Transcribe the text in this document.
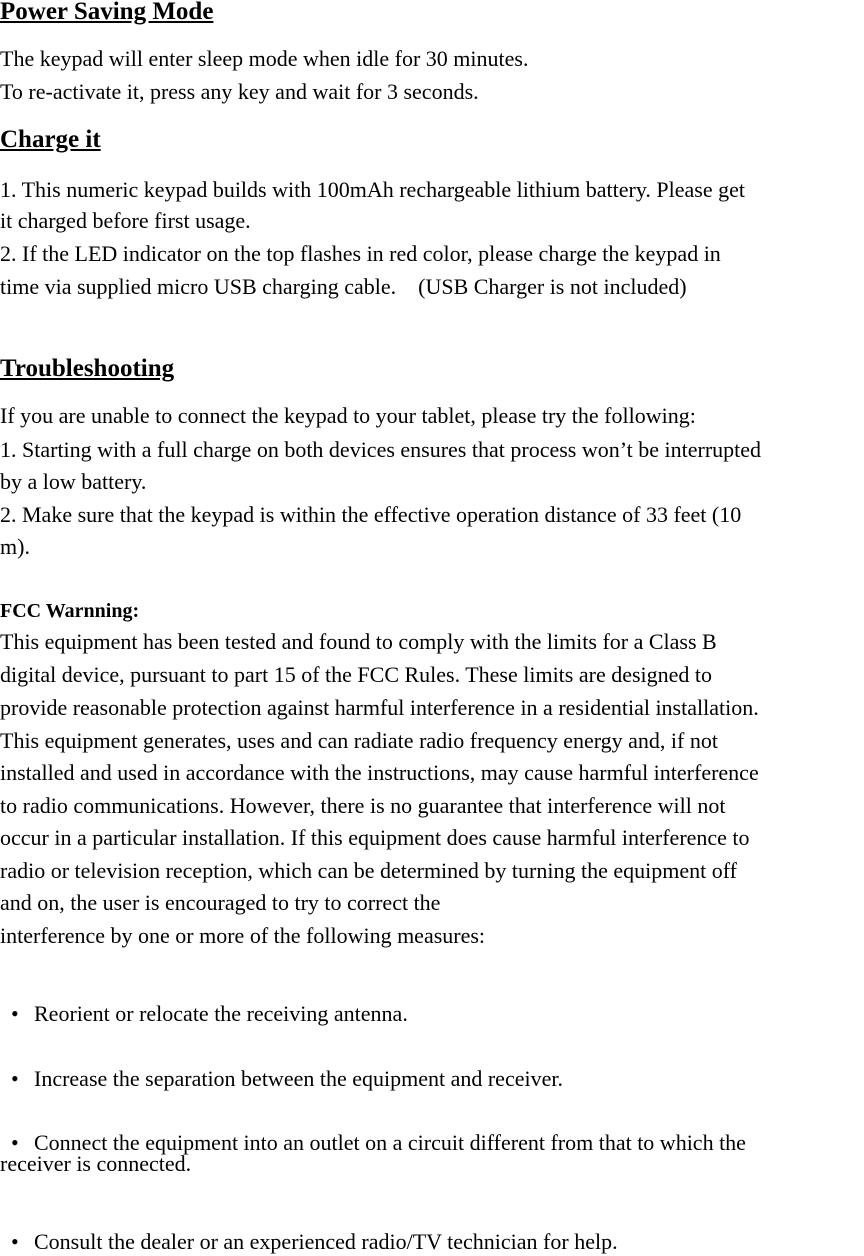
Power Saving Mode
The keypad will enter sleep mode when idle for 30 minutes.
To re-activate it, press any key and wait for 3 seconds.
Charge it
1. This numeric keypad builds with 100mAh rechargeable lithium battery. Please get
it charged before first usage.
2. If the LED indicator on the top flashes in red color, please charge the keypad in
time via supplied micro USB charging cable.    (USB Charger is not included)
Troubleshooting
If you are unable to connect the keypad to your tablet, please try the following:
1. Starting with a full charge on both devices ensures that process won’t be interrupted
by a low battery.
2. Make sure that the keypad is within the effective operation distance of 33 feet (10
m).
FCC Warnning:
This equipment has been tested and found to comply with the limits for a Class B
digital device, pursuant to part 15 of the FCC Rules. These limits are designed to
provide reasonable protection against harmful interference in a residential installation.
This equipment generates, uses and can radiate radio frequency energy and, if not
installed and used in accordance with the instructions, may cause harmful interference
to radio communications. However, there is no guarantee that interference will not
occur in a particular installation. If this equipment does cause harmful interference to
radio or television reception, which can be determined by turning the equipment off
and on, the user is encouraged to try to correct the
interference by one or more of the following measures:

• Reorient or relocate the receiving antenna.

• Increase the separation between the equipment and receiver.

• Connect the equipment into an outlet on a circuit different from that to which the

receiver is connected.

• Consult the dealer or an experienced radio/TV technician for help.
